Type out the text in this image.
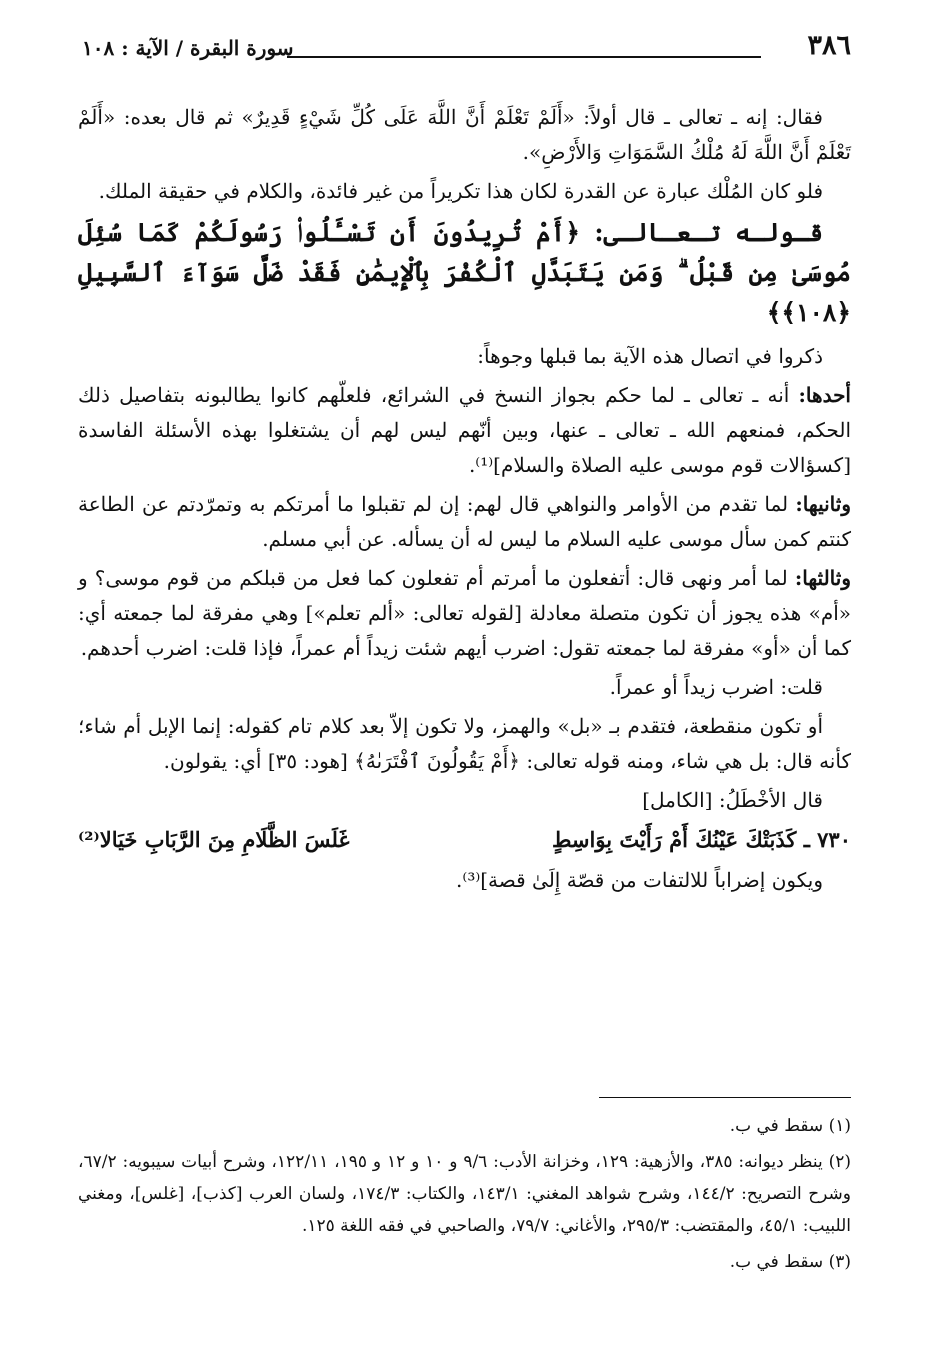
٣٨٦
سورة البقرة / الآية : ١٠٨

فقال: إنه ـ تعالى ـ قال أولاً: «أَلَمْ تَعْلَمْ أَنَّ اللَّهَ عَلَى كُلِّ شَيْءٍ قَدِيرٌ» ثم قال بعده: «أَلَمْ تَعْلَمْ أَنَّ اللَّهَ لَهُ مُلْكُ السَّمَوَاتِ وَالأَرْضِ».

فلو كان المُلْك عبارة عن القدرة لكان هذا تكريراً من غير فائدة، والكلام في حقيقة الملك.

قـولـه تـعـالـى: ﴿أَمْ تُرِيدُونَ أَن تَسْـَٔلُوا۟ رَسُولَكُمْ كَمَا سُئِلَ مُوسَىٰ مِن قَبْلُ ۗ وَمَن يَتَبَدَّلِ ٱلْكُفْرَ بِٱلْإِيمَٰنِ فَقَدْ ضَلَّ سَوَآءَ ٱلسَّبِيلِ ﴿١٠٨﴾﴾

ذكروا في اتصال هذه الآية بما قبلها وجوهاً:

أحدها: أنه ـ تعالى ـ لما حكم بجواز النسخ في الشرائع، فلعلّهم كانوا يطالبونه بتفاصيل ذلك الحكم، فمنعهم الله ـ تعالى ـ عنها، وبين أنّهم ليس لهم أن يشتغلوا بهذه الأسئلة الفاسدة [كسؤالات قوم موسى عليه الصلاة والسلام]⁽¹⁾.

وثانيها: لما تقدم من الأوامر والنواهي قال لهم: إن لم تقبلوا ما أمرتكم به وتمرّدتم عن الطاعة كنتم كمن سأل موسى عليه السلام ما ليس له أن يسأله. عن أبي مسلم.

وثالثها: لما أمر ونهى قال: أتفعلون ما أمرتم أم تفعلون كما فعل من قبلكم من قوم موسى؟ و «أم» هذه يجوز أن تكون متصلة معادلة [لقوله تعالى: «ألم تعلم»] وهي مفرقة لما جمعته أي: كما أن «أو» مفرقة لما جمعته تقول: اضرب أيهم شئت زيداً أم عمراً، فإذا قلت: اضرب أحدهم.

قلت: اضرب زيداً أو عمراً.

أو تكون منقطعة، فتقدم بـ «بل» والهمز، ولا تكون إلاّ بعد كلام تام كقوله: إنما الإبل أم شاء؛ كأنه قال: بل هي شاء، ومنه قوله تعالى: ﴿أَمْ يَقُولُونَ ٱفْتَرَىٰهُ﴾ [هود: ٣٥] أي: يقولون.

قال الأخْطَلُ: [الكامل]

٧٣٠ ـ كَذَبَتْكَ عَيْنُكَ أَمْ رَأَيْتَ بِوَاسِطٍ
غَلَسَ الظَّلَامِ مِنَ الرَّبَابِ خَيَالا⁽²⁾

ويكون إضراباً للالتفات من قصّة إِلَىٰ قصة]⁽³⁾.

(١) سقط في ب.

(٢) ينظر ديوانه: ٣٨٥، والأزهية: ١٢٩، وخزانة الأدب: ٩/٦ و ١٠ و ١٢ و ١٩٥، ١٢٢/١١، وشرح أبيات سيبويه: ٦٧/٢، وشرح التصريح: ١٤٤/٢، وشرح شواهد المغني: ١٤٣/١، والكتاب: ١٧٤/٣، ولسان العرب [كذب]، [غلس]، ومغني اللبيب: ٤٥/١، والمقتضب: ٢٩٥/٣، والأغاني: ٧٩/٧، والصاحبي في فقه اللغة ١٢٥.

(٣) سقط في ب.
